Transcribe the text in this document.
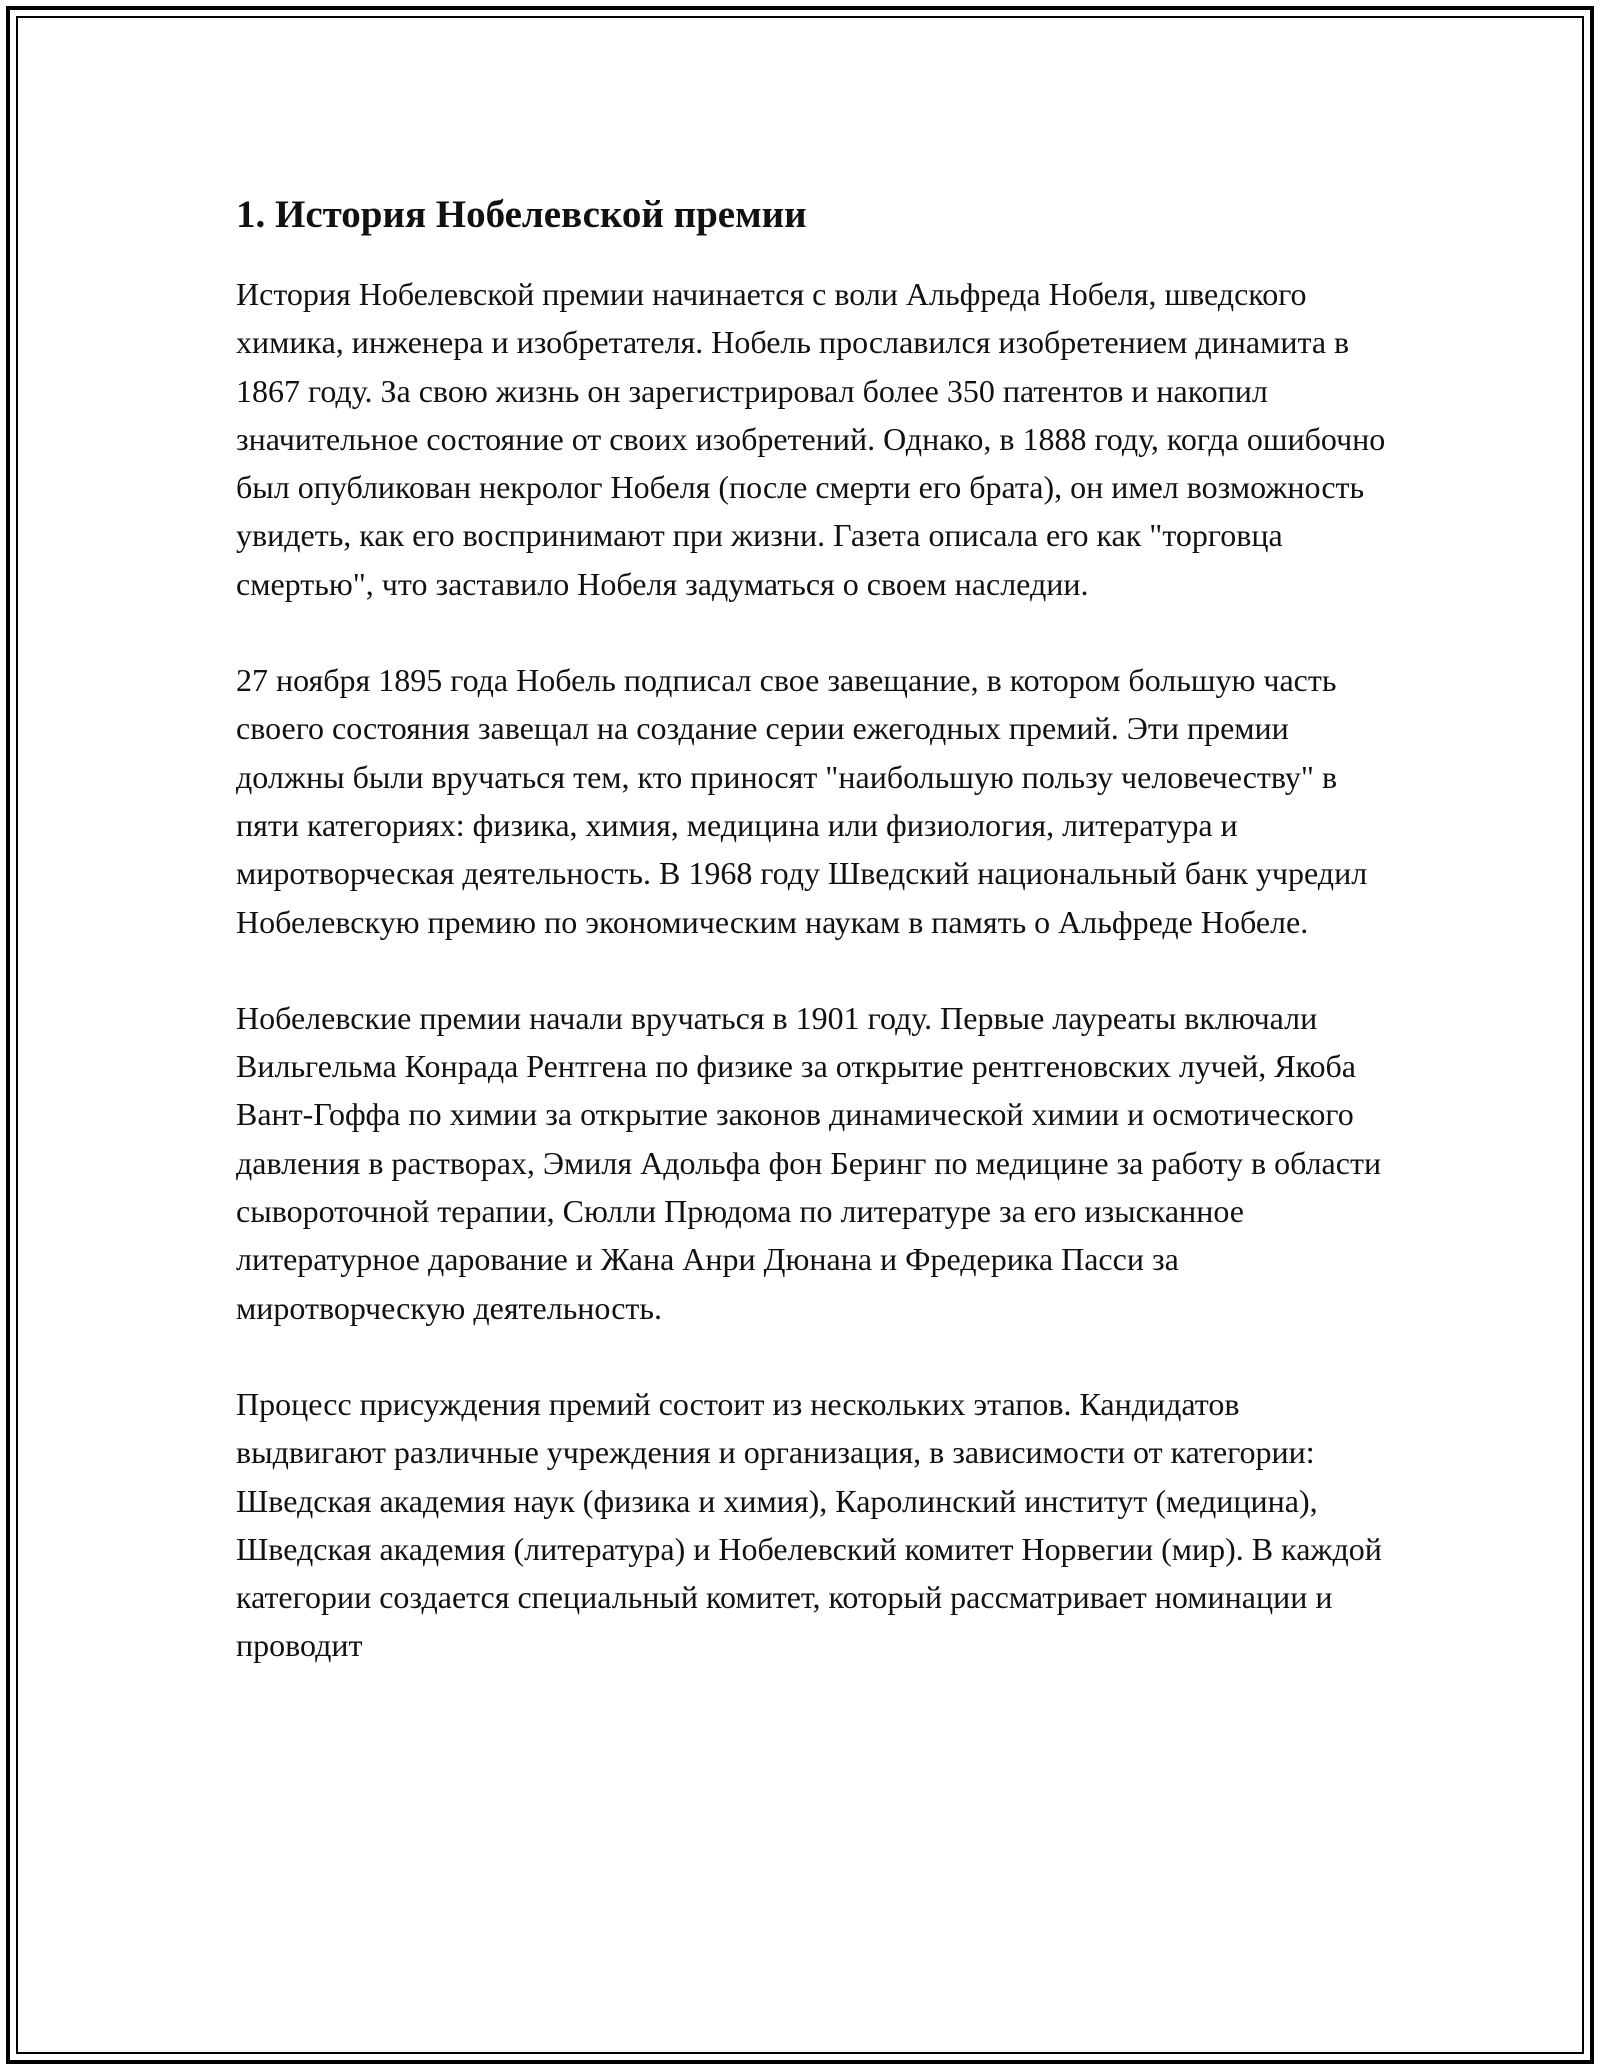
1. История Нобелевской премии

История Нобелевской премии начинается с воли Альфреда Нобеля, шведского химика, инженера и изобретателя. Нобель прославился изобретением динамита в 1867 году. За свою жизнь он зарегистрировал более 350 патентов и накопил значительное состояние от своих изобретений. Однако, в 1888 году, когда ошибочно был опубликован некролог Нобеля (после смерти его брата), он имел возможность увидеть, как его воспринимают при жизни. Газета описала его как "торговца смертью", что заставило Нобеля задуматься о своем наследии.

27 ноября 1895 года Нобель подписал свое завещание, в котором большую часть своего состояния завещал на создание серии ежегодных премий. Эти премии должны были вручаться тем, кто приносят "наибольшую пользу человечеству" в пяти категориях: физика, химия, медицина или физиология, литература и миротворческая деятельность. В 1968 году Шведский национальный банк учредил Нобелевскую премию по экономическим наукам в память о Альфреде Нобеле.

Нобелевские премии начали вручаться в 1901 году. Первые лауреаты включали Вильгельма Конрада Рентгена по физике за открытие рентгеновских лучей, Якоба Вант-Гоффа по химии за открытие законов динамической химии и осмотического давления в растворах, Эмиля Адольфа фон Беринг по медицине за работу в области сывороточной терапии, Сюлли Прюдома по литературе за его изысканное литературное дарование и Жана Анри Дюнана и Фредерика Пасси за миротворческую деятельность.

Процесс присуждения премий состоит из нескольких этапов. Кандидатов выдвигают различные учреждения и организация, в зависимости от категории: Шведская академия наук (физика и химия), Каролинский институт (медицина), Шведская академия (литература) и Нобелевский комитет Норвегии (мир). В каждой категории создается специальный комитет, который рассматривает номинации и проводит
